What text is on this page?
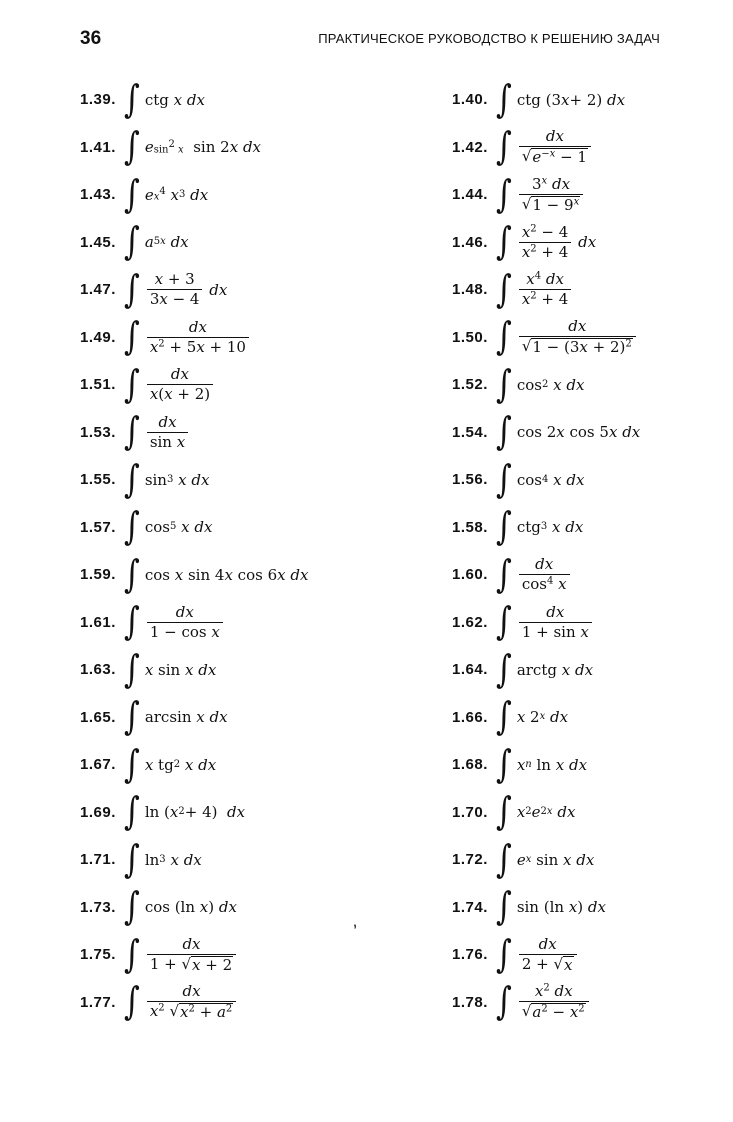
36	ПРАКТИЧЕСКОЕ РУКОВОДСТВО К РЕШЕНИЮ ЗАДАЧ
1.39. ∫ ctg x
dx
1.41. ∫ e $\sin^2 x$ sin 2 x
dx
1.43. ∫ e $x^4$
x 3
dx
1.45. ∫ a 5x
dx
1.47. ∫ $\frac{x + 3}{3x - 4}$
dx
1.49. ∫ $\frac{dx}{x^2 + 5x + 10}$
1.51. ∫ $\frac{dx}{x(x + 2)}$
1.53. ∫ $\frac{dx}{\text{sin x}}$
1.55. ∫ sin 3
x
dx
1.57. ∫ cos 5
x
dx
1.59. ∫ cos x sin 4 x cos 6 x
dx
1.61. ∫ $\frac{dx}{\text{1 − cos x}}$
1.63. ∫ x sin x
dx
1.65. ∫ arcsin x
dx
1.67. ∫ x tg 2
x
dx
1.69. ∫ ln ( x 2 + 4) dx
1.71. ∫ ln 3
x
dx
1.73. ∫ cos (ln x ) dx
1.75. ∫ $\frac{dx}{1 + √ x + 2}$
1.77. ∫ $\frac{dx}{x^2 √ x^2 + a^2}$
1.40. ∫ ctg (3 x + 2) dx
1.42. ∫ $\frac{dx}{√ e^{-x} - 1}$
1.44. ∫ $\frac{3^x dx}{√ 1 - 9^x}$
1.46. ∫ $\frac{x^2 - 4}{x^2 + 4}$
dx
1.48. ∫ $\frac{x^4 dx}{x^2 + 4}$
1.50. ∫ $\frac{dx}{√ 1 - (3x + 2)^2}$
1.52. ∫ cos 2
x
dx
1.54. ∫ cos 2 x cos 5 x
dx
1.56. ∫ cos 4
x
dx
1.58. ∫ ctg 3
x
dx
1.60. ∫ $\frac{dx}{\cos^4 x}$
1.62. ∫ $\frac{dx}{\text{1 + sin x}}$
1.64. ∫ arctg x
dx
1.66. ∫ x 2 x
dx
1.68. ∫ x n ln x
dx
1.70. ∫ x 2 e 2x
dx
1.72. ∫ e x sin x
dx
1.74. ∫ sin (ln x ) dx
1.76. ∫ $\frac{dx}{2 + √ x}$
1.78. ∫ $\frac{x^2 dx}{√ a^2 - x^2}$
,
